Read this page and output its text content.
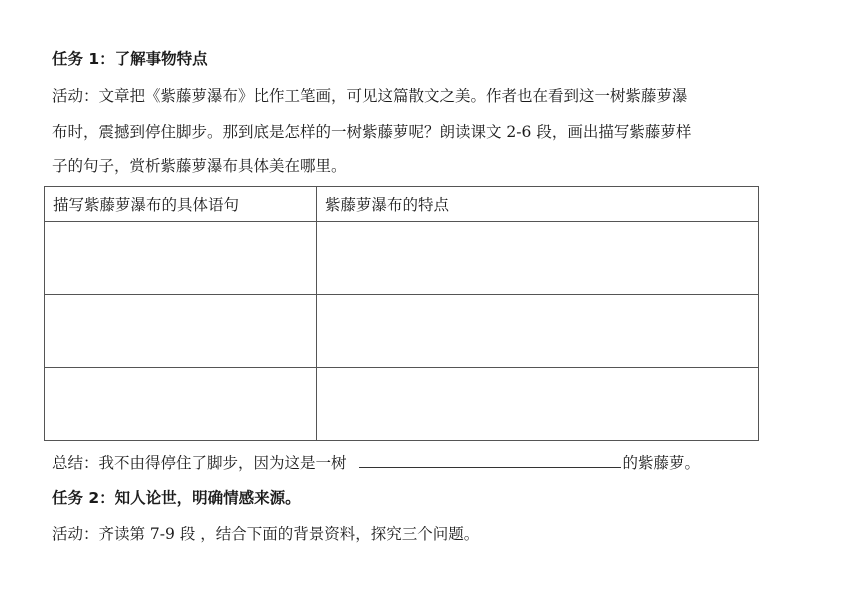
任务 1：了解事物特点
活动：文章把《紫藤萝瀑布》比作工笔画，可见这篇散文之美。作者也在看到这一树紫藤萝瀑
布时，震撼到停住脚步。那到底是怎样的一树紫藤萝呢？朗读课文 2-6 段，画出描写紫藤萝样
子的句子，赏析紫藤萝瀑布具体美在哪里。
描写紫藤萝瀑布的具体语句	紫藤萝瀑布的特点

总结：我不由得停住了脚步，因为这是一树	的紫藤萝。
任务 2：知人论世，明确情感来源。
活动：齐读第 7-9 段 ，结合下面的背景资料，探究三个问题。
